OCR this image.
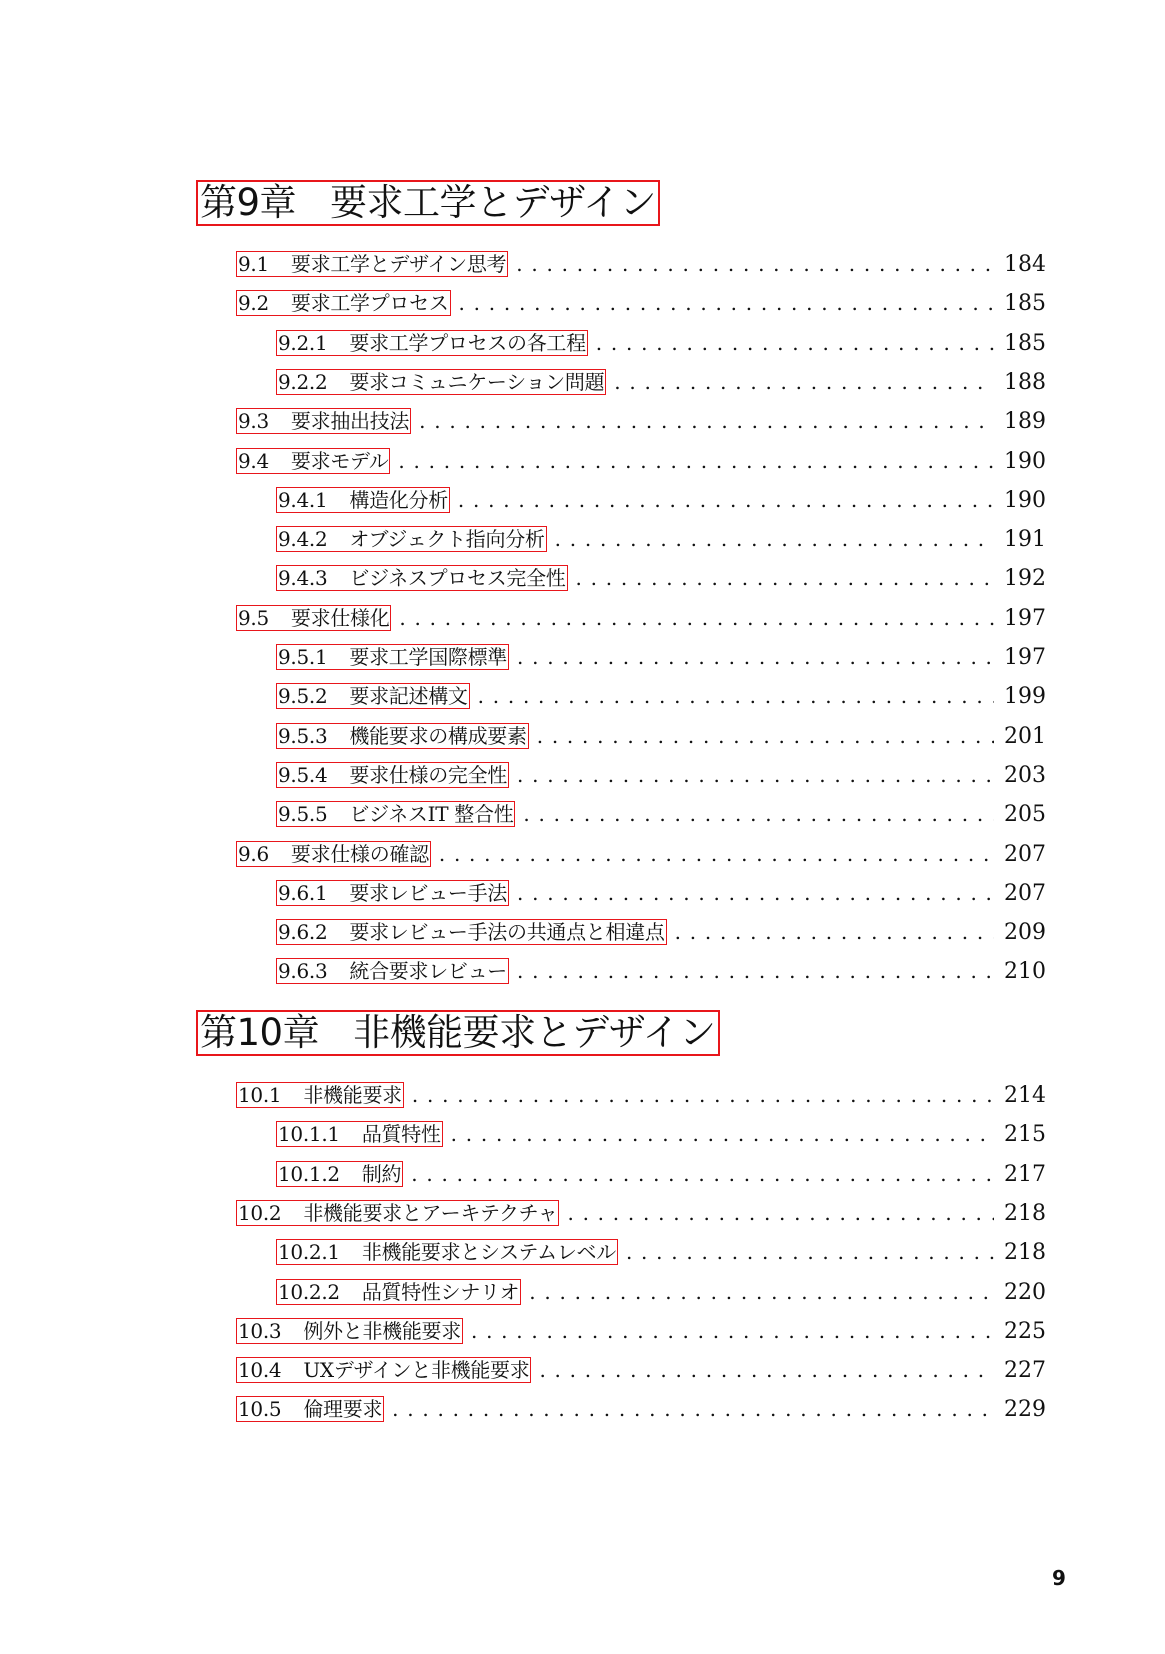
第9章 要求工学とデザイン
9.1 要求工学とデザイン思考 . . .	184
9.2 要求工学プロセス . . .	185
9.2.1 要求工学プロセスの各工程 . . .	185
9.2.2 要求コミュニケーション問題 . . .	188
9.3 要求抽出技法 . . .	189
9.4 要求モデル . . .	190
9.4.1 構造化分析 . . .	190
9.4.2 オブジェクト指向分析 . . .	191
9.4.3 ビジネスプロセス完全性 . . .	192
9.5 要求仕様化 . . .	197
9.5.1 要求工学国際標準 . . .	197
9.5.2 要求記述構文 . . .	199
9.5.3 機能要求の構成要素 . . .	201
9.5.4 要求仕様の完全性 . . .	203
9.5.5 ビジネスIT 整合性 . . .	205
9.6 要求仕様の確認 . . .	207
9.6.1 要求レビュー手法 . . .	207
9.6.2 要求レビュー手法の共通点と相違点 . . .	209
9.6.3 統合要求レビュー . . .	210
第10章 非機能要求とデザイン
10.1 非機能要求 . . .	214
10.1.1 品質特性 . . .	215
10.1.2 制約 . . .	217
10.2 非機能要求とアーキテクチャ . . .	218
10.2.1 非機能要求とシステムレベル . . .	218
10.2.2 品質特性シナリオ . . .	220
10.3 例外と非機能要求 . . .	225
10.4 UXデザインと非機能要求 . . .	227
10.5 倫理要求 . . .	229
9
